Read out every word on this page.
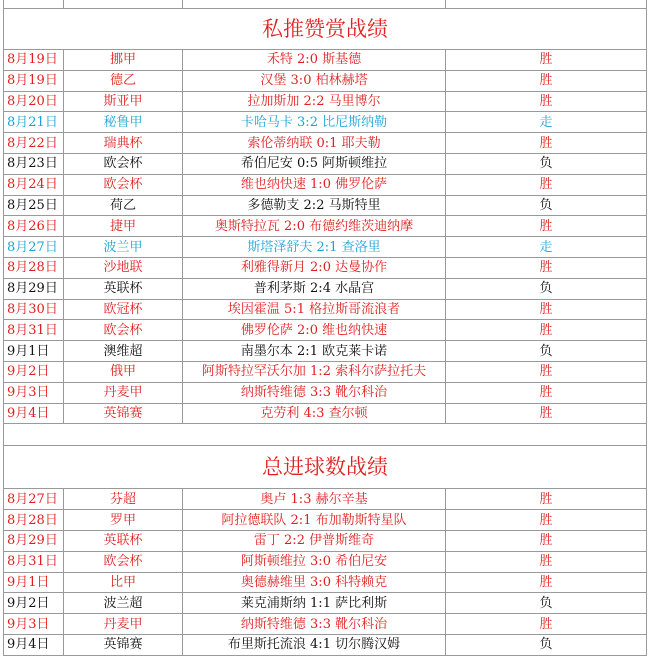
私推赞赏战绩			
8月19日	挪甲	禾特 2:0 斯基德	胜
8月19日	德乙	汉堡 3:0 柏林赫塔	胜
8月20日	斯亚甲	拉加斯加 2:2 马里博尔	胜
8月21日	秘鲁甲	卡哈马卡 3:2 比尼斯纳勒	走
8月22日	瑞典杯	索伦蒂纳联 0:1 耶夫勒	胜
8月23日	欧会杯	希伯尼安 0:5 阿斯顿维拉	负
8月24日	欧会杯	维也纳快速 1:0 佛罗伦萨	胜
8月25日	荷乙	多德勒支 2:2 马斯特里	负
8月26日	捷甲	奥斯特拉瓦 2:0 布德约维茨迪纳摩	胜
8月27日	波兰甲	斯塔泽舒夫 2:1 查洛里	走
8月28日	沙地联	利雅得新月 2:0 达曼协作	胜
8月29日	英联杯	普利茅斯 2:4 水晶宫	负
8月30日	欧冠杯	埃因霍温 5:1 格拉斯哥流浪者	胜
8月31日	欧会杯	佛罗伦萨 2:0 维也纳快速	胜
9月1日	澳维超	南墨尔本 2:1 欧克莱卡诺	负
9月2日	俄甲	阿斯特拉罕沃尔加 1:2 索科尔萨拉托夫	胜
9月3日	丹麦甲	纳斯特维德 3:3 靴尔科治	胜
9月4日	英锦赛	克劳利 4:3 查尔顿	胜

总进球数战绩			
8月27日	芬超	奥卢 1:3 赫尔辛基	胜
8月28日	罗甲	阿拉德联队 2:1 布加勒斯特星队	胜
8月29日	英联杯	雷丁 2:2 伊普斯维奇	胜
8月31日	欧会杯	阿斯顿维拉 3:0 希伯尼安	胜
9月1日	比甲	奥德赫维里 3:0 科特赖克	胜
9月2日	波兰超	莱克浦斯纳 1:1 萨比利斯	负
9月3日	丹麦甲	纳斯特维德 3:3 靴尔科治	胜
9月4日	英锦赛	布里斯托流浪 4:1 切尔腾汉姆	负
